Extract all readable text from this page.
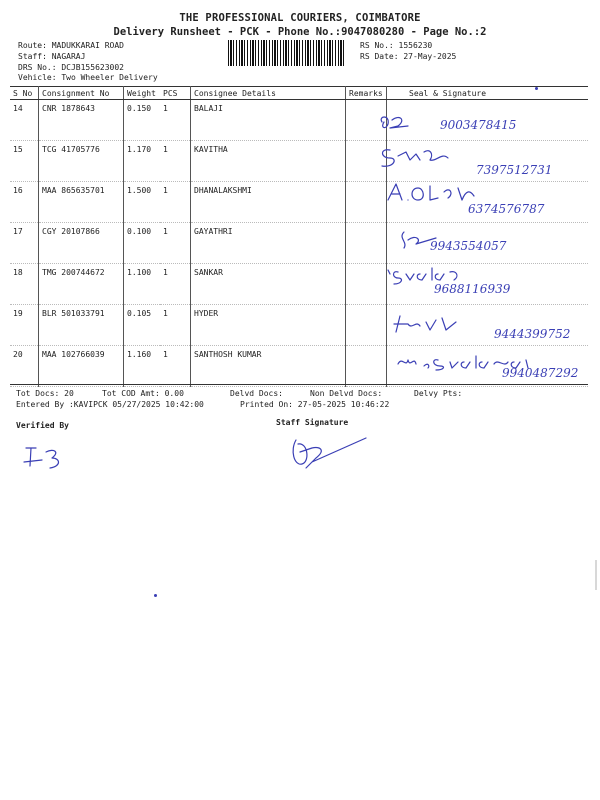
THE PROFESSIONAL COURIERS, COIMBATORE
Delivery Runsheet - PCK - Phone No.:9047080280 - Page No.:2
Route: MADUKKARAI ROAD
Staff: NAGARAJ
DRS No.: DCJB155623002
Vehicle: Two Wheeler Delivery
RS No.: 1556230
RS Date: 27-May-2025
S No	Consignment No	Weight	PCS	Consignee Details	Remarks	Seal & Signature
14	CNR 1878643	0.150	1	BALAJI		9003478415
15	TCG 41705776	1.170	1	KAVITHA		7397512731
16	MAA 865635701	1.500	1	DHANALAKSHMI		6374576787
17	CGY 20107866	0.100	1	GAYATHRI		9943554057
18	TMG 200744672	1.100	1	SANKAR		9688116939
19	BLR 501033791	0.105	1	HYDER		9444399752
20	MAA 102766039	1.160	1	SANTHOSH KUMAR		9940487292
Tot Docs: 20	Tot COD Amt: 0.00	Delvd Docs:	Non Delvd Docs:	Delvy Pts:
Entered By :KAVIPCK 05/27/2025 10:42:00	Printed On: 27-05-2025 10:46:22
Verified By	Staff Signature
